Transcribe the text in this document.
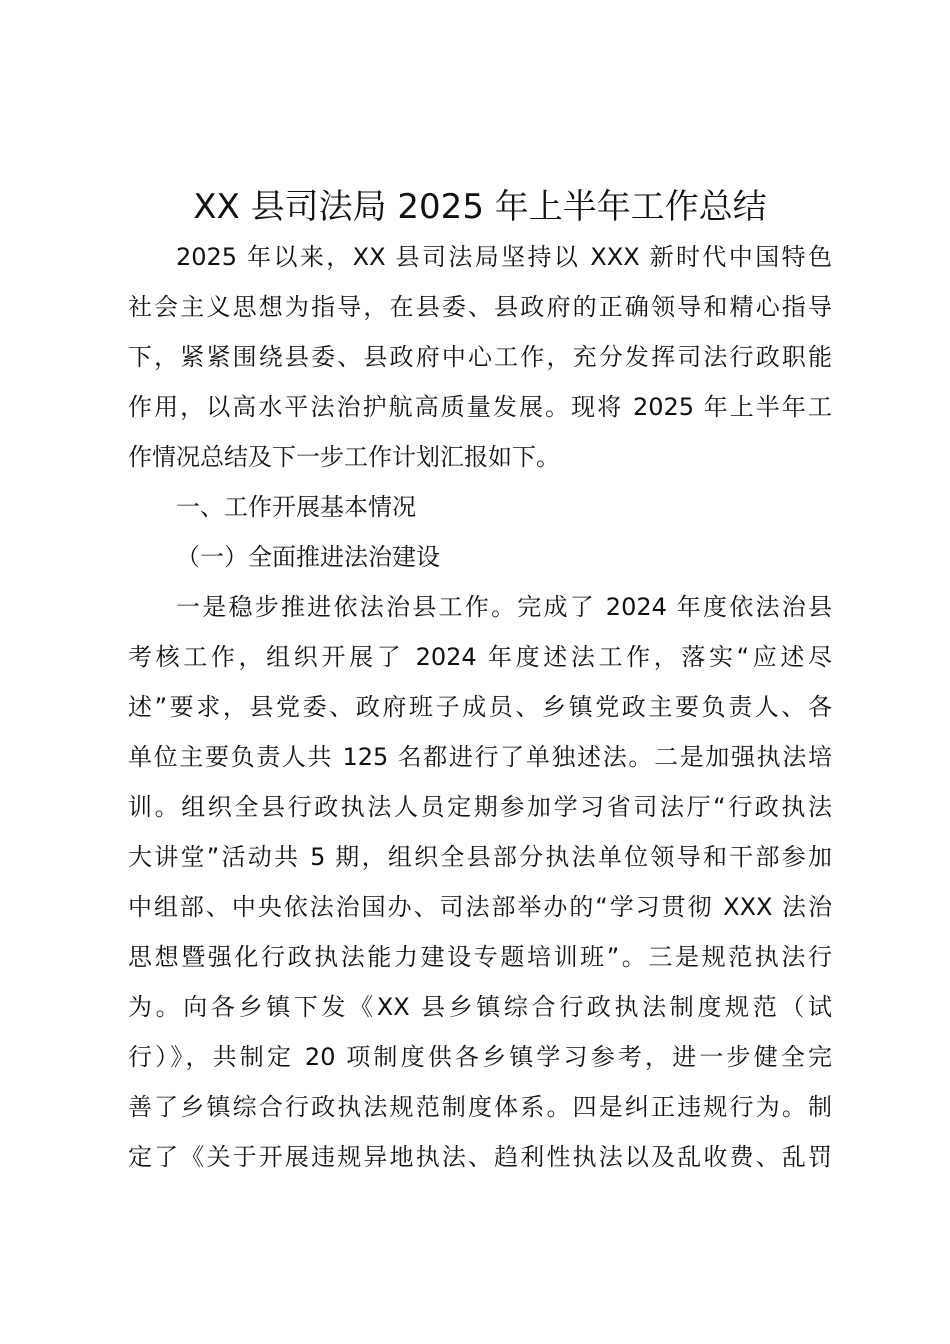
XX 县司法局 2025 年上半年工作总结
2025 年以来，XX 县司法局坚持以 XXX 新时代中国特色
社会主义思想为指导，在县委、县政府的正确领导和精心指导
下，紧紧围绕县委、县政府中心工作，充分发挥司法行政职能
作用，以高水平法治护航高质量发展。现将 2025 年上半年工
作情况总结及下一步工作计划汇报如下。
一、工作开展基本情况
（一）全面推进法治建设
一是稳步推进依法治县工作。完成了 2024 年度依法治县
考核工作，组织开展了 2024 年度述法工作，落实“应述尽
述”要求，县党委、政府班子成员、乡镇党政主要负责人、各
单位主要负责人共 125 名都进行了单独述法。二是加强执法培
训。组织全县行政执法人员定期参加学习省司法厅“行政执法
大讲堂”活动共 5 期，组织全县部分执法单位领导和干部参加
中组部、中央依法治国办、司法部举办的“学习贯彻 XXX 法治
思想暨强化行政执法能力建设专题培训班”。三是规范执法行
为。向各乡镇下发《XX 县乡镇综合行政执法制度规范（试
行）》，共制定 20 项制度供各乡镇学习参考，进一步健全完
善了乡镇综合行政执法规范制度体系。四是纠正违规行为。制
定了《关于开展违规异地执法、趋利性执法以及乱收费、乱罚
